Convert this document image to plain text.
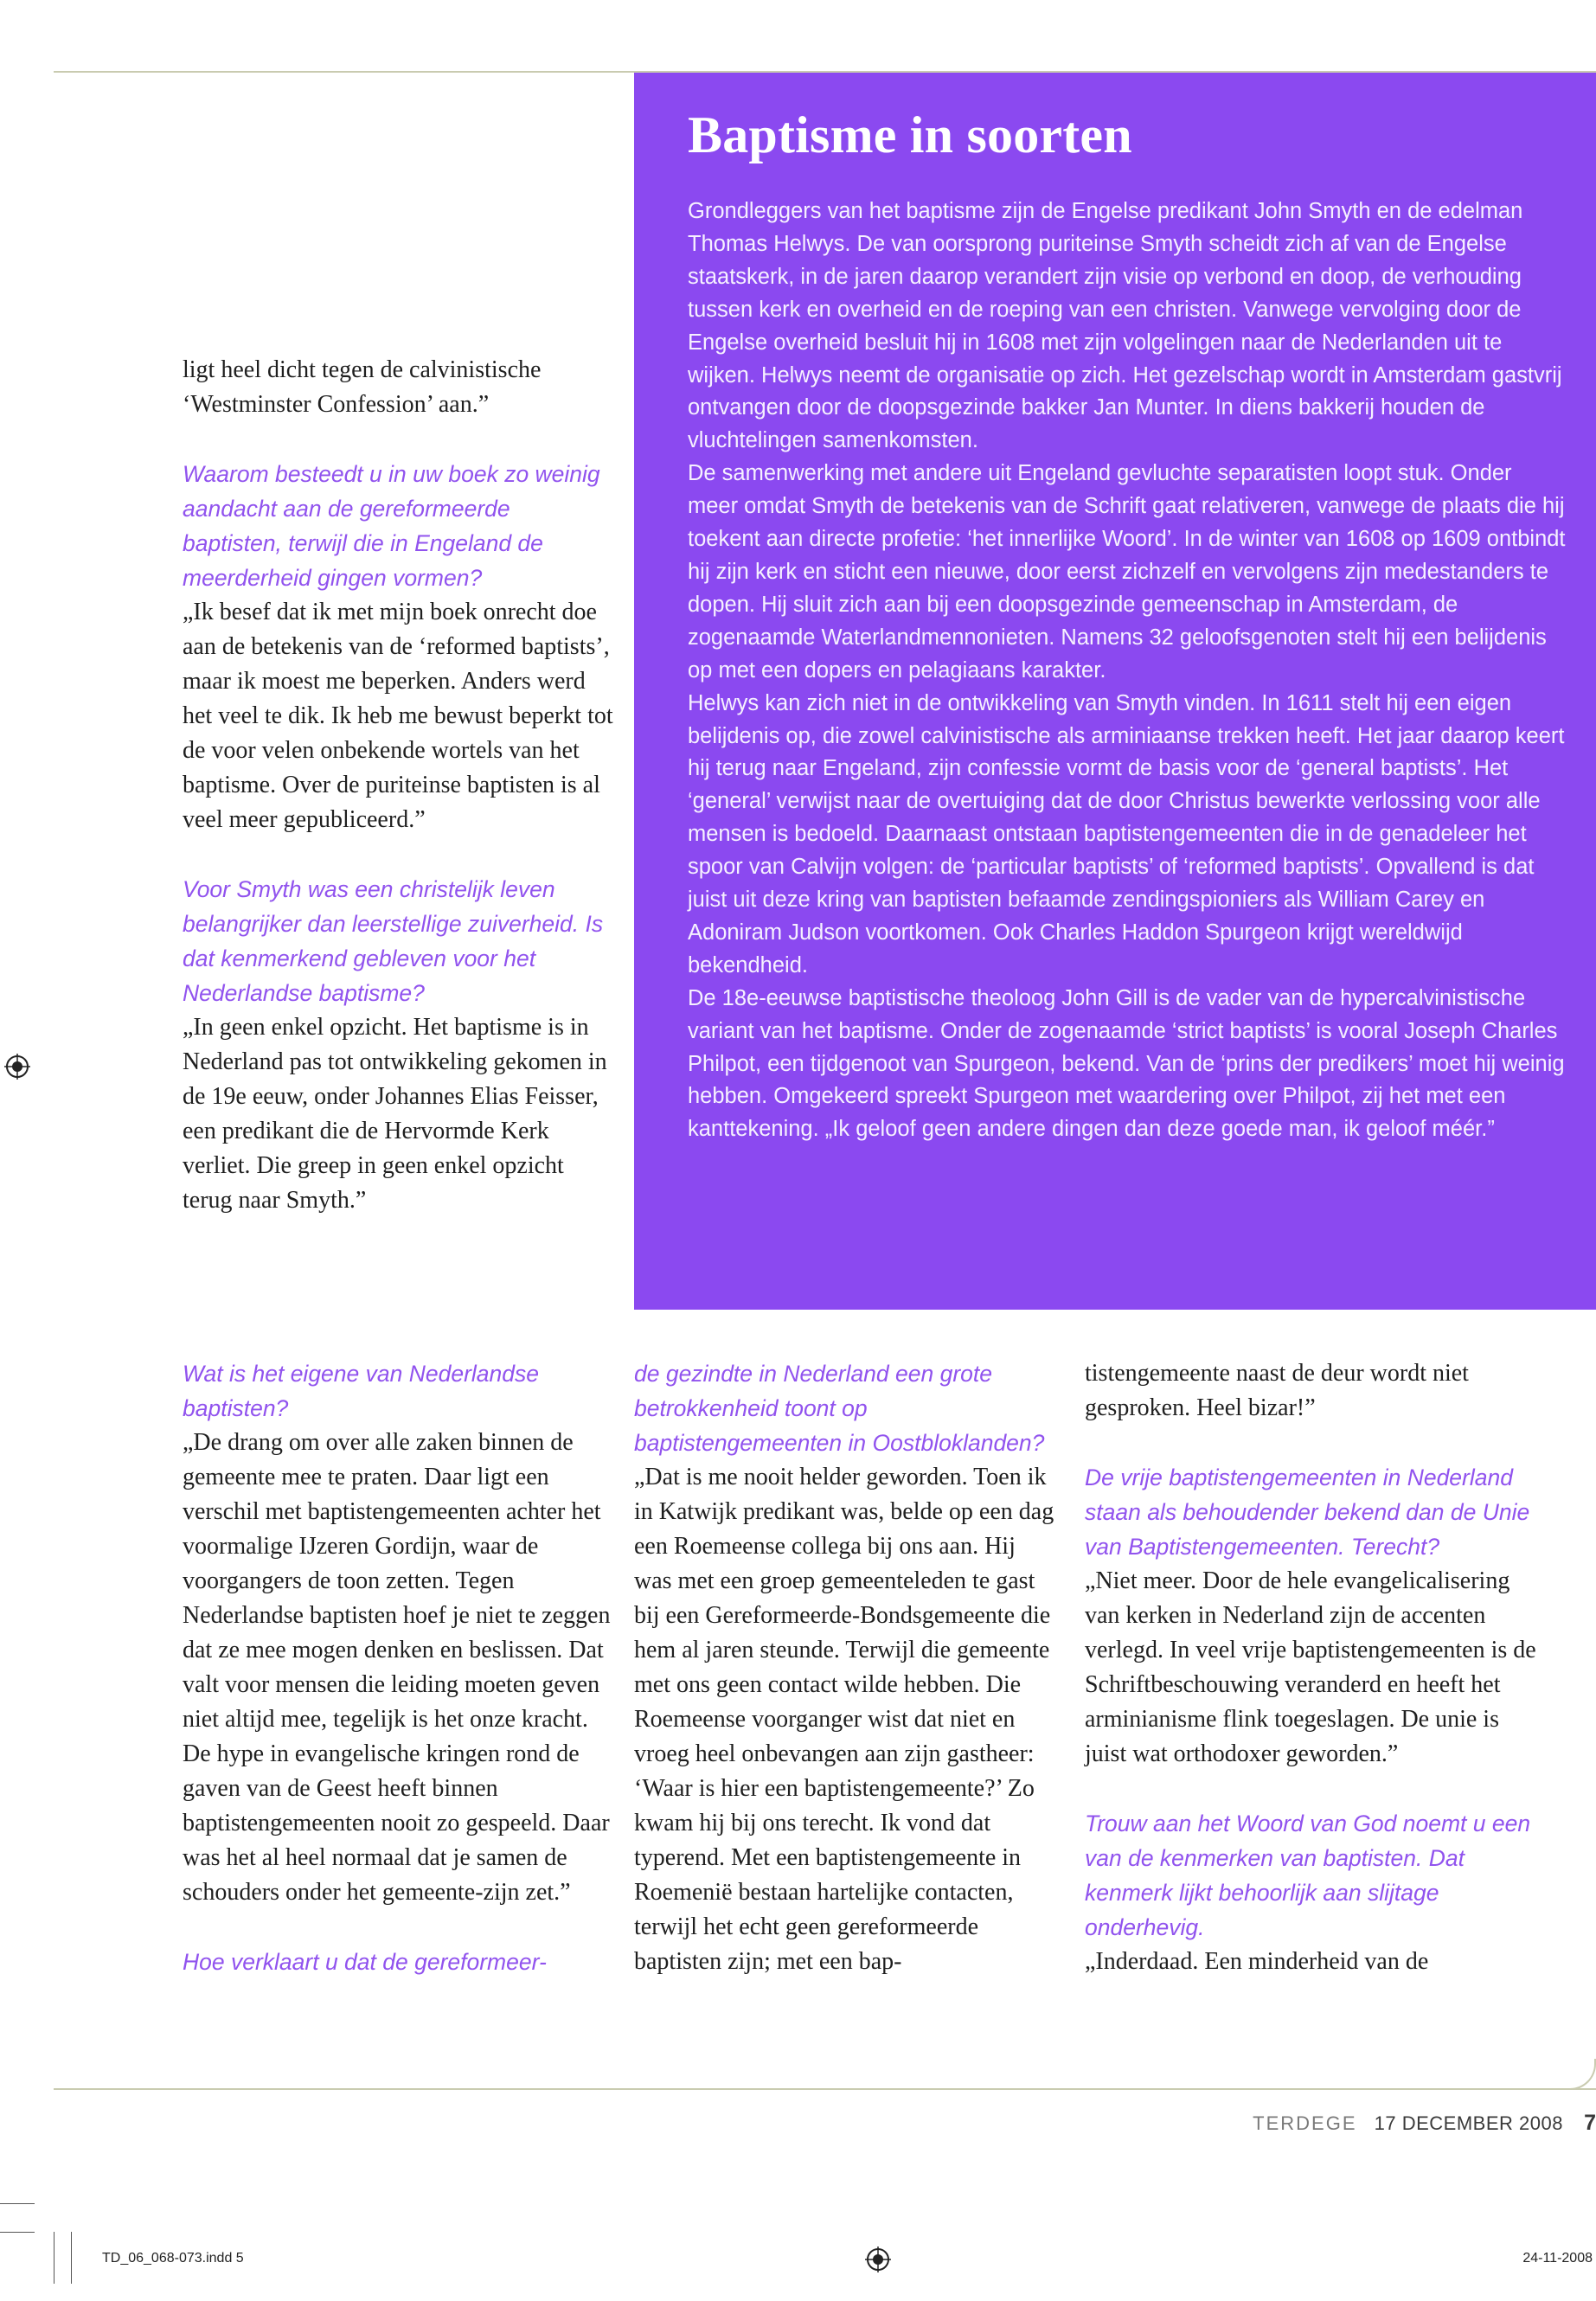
Baptisme in soorten

Grondleggers van het baptisme zijn de Engelse predikant John Smyth en de edelman Thomas Helwys. De van oorsprong puriteinse Smyth scheidt zich af van de Engelse staatskerk, in de jaren daarop verandert zijn visie op verbond en doop, de verhouding tussen kerk en overheid en de roeping van een christen. Vanwege vervolging door de Engelse overheid besluit hij in 1608 met zijn volgelingen naar de Nederlanden uit te wijken. Helwys neemt de organisatie op zich. Het gezelschap wordt in Amsterdam gastvrij ontvangen door de doopsgezinde bakker Jan Munter. In diens bakkerij houden de vluchtelingen samenkomsten.

De samenwerking met andere uit Engeland gevluchte separatisten loopt stuk. Onder meer omdat Smyth de betekenis van de Schrift gaat relativeren, vanwege de plaats die hij toekent aan directe profetie: ‘het innerlijke Woord’. In de winter van 1608 op 1609 ontbindt hij zijn kerk en sticht een nieuwe, door eerst zichzelf en vervolgens zijn medestanders te dopen. Hij sluit zich aan bij een doopsgezinde gemeenschap in Amsterdam, de zogenaamde Waterlandmennonieten. Namens 32 geloofsgenoten stelt hij een belijdenis op met een dopers en pelagiaans karakter.

Helwys kan zich niet in de ontwikkeling van Smyth vinden. In 1611 stelt hij een eigen belijdenis op, die zowel calvinistische als arminiaanse trekken heeft. Het jaar daarop keert hij terug naar Engeland, zijn confessie vormt de basis voor de ‘general baptists’. Het ‘general’ verwijst naar de overtuiging dat de door Christus bewerkte verlossing voor alle mensen is bedoeld. Daarnaast ontstaan baptistengemeenten die in de genadeleer het spoor van Calvijn volgen: de ‘particular baptists’ of ‘reformed baptists’. Opvallend is dat juist uit deze kring van baptisten befaamde zendingspioniers als William Carey en Adoniram Judson voortkomen. Ook Charles Haddon Spurgeon krijgt wereldwijd bekendheid.

De 18e-eeuwse baptistische theoloog John Gill is de vader van de hypercalvinistische variant van het baptisme. Onder de zogenaamde ‘strict baptists’ is vooral Joseph Charles Philpot, een tijdgenoot van Spurgeon, bekend. Van de ‘prins der predikers’ moet hij weinig hebben. Omgekeerd spreekt Spurgeon met waardering over Philpot, zij het met een kanttekening. „Ik geloof geen andere dingen dan deze goede man, ik geloof méér.”

ligt heel dicht tegen de calvinistische ‘Westminster Confession’ aan.”

Waarom besteedt u in uw boek zo weinig aandacht aan de gereformeerde baptisten, terwijl die in Engeland de meerderheid gingen vormen?

„Ik besef dat ik met mijn boek onrecht doe aan de betekenis van de ‘reformed baptists’, maar ik moest me beperken. Anders werd het veel te dik. Ik heb me bewust beperkt tot de voor velen onbekende wortels van het baptisme. Over de puriteinse baptisten is al veel meer gepubliceerd.”

Voor Smyth was een christelijk leven belangrijker dan leerstellige zuiverheid. Is dat kenmerkend gebleven voor het Nederlandse baptisme?

„In geen enkel opzicht. Het baptisme is in Nederland pas tot ontwikkeling gekomen in de 19e eeuw, onder Johannes Elias Feisser, een predikant die de Hervormde Kerk verliet. Die greep in geen enkel opzicht terug naar Smyth.”

Wat is het eigene van Nederlandse baptisten?

„De drang om over alle zaken binnen de gemeente mee te praten. Daar ligt een verschil met baptistengemeenten achter het voormalige IJzeren Gordijn, waar de voorgangers de toon zetten. Tegen Nederlandse baptisten hoef je niet te zeggen dat ze mee mogen denken en beslissen. Dat valt voor mensen die leiding moeten geven niet altijd mee, tegelijk is het onze kracht. De hype in evangelische kringen rond de gaven van de Geest heeft binnen baptistengemeenten nooit zo gespeeld. Daar was het al heel normaal dat je samen de schouders onder het gemeente-zijn zet.”

Hoe verklaart u dat de gereformeer-

de gezindte in Nederland een grote betrokkenheid toont op baptistengemeenten in Oostbloklanden?

„Dat is me nooit helder geworden. Toen ik in Katwijk predikant was, belde op een dag een Roemeense collega bij ons aan. Hij was met een groep gemeenteleden te gast bij een Gereformeerde-Bondsgemeente die hem al jaren steunde. Terwijl die gemeente met ons geen contact wilde hebben. Die Roemeense voorganger wist dat niet en vroeg heel onbevangen aan zijn gastheer: ‘Waar is hier een baptistengemeente?’ Zo kwam hij bij ons terecht. Ik vond dat typerend. Met een baptistengemeente in Roemenië bestaan hartelijke contacten, terwijl het echt geen gereformeerde baptisten zijn; met een bap-

tistengemeente naast de deur wordt niet gesproken. Heel bizar!”

De vrije baptistengemeenten in Nederland staan als behoudender bekend dan de Unie van Baptistengemeenten. Terecht?

„Niet meer. Door de hele evangelicalisering van kerken in Nederland zijn de accenten verlegd. In veel vrije baptistengemeenten is de Schriftbeschouwing veranderd en heeft het arminianisme flink toegeslagen. De unie is juist wat orthodoxer geworden.”

Trouw aan het Woord van God noemt u een van de kenmerken van baptisten. Dat kenmerk lijkt behoorlijk aan slijtage onderhevig.

„Inderdaad. Een minderheid van de

TERDEGE 17 DECEMBER 2008 7
TD_06_068-073.indd 5	24-11-2008
